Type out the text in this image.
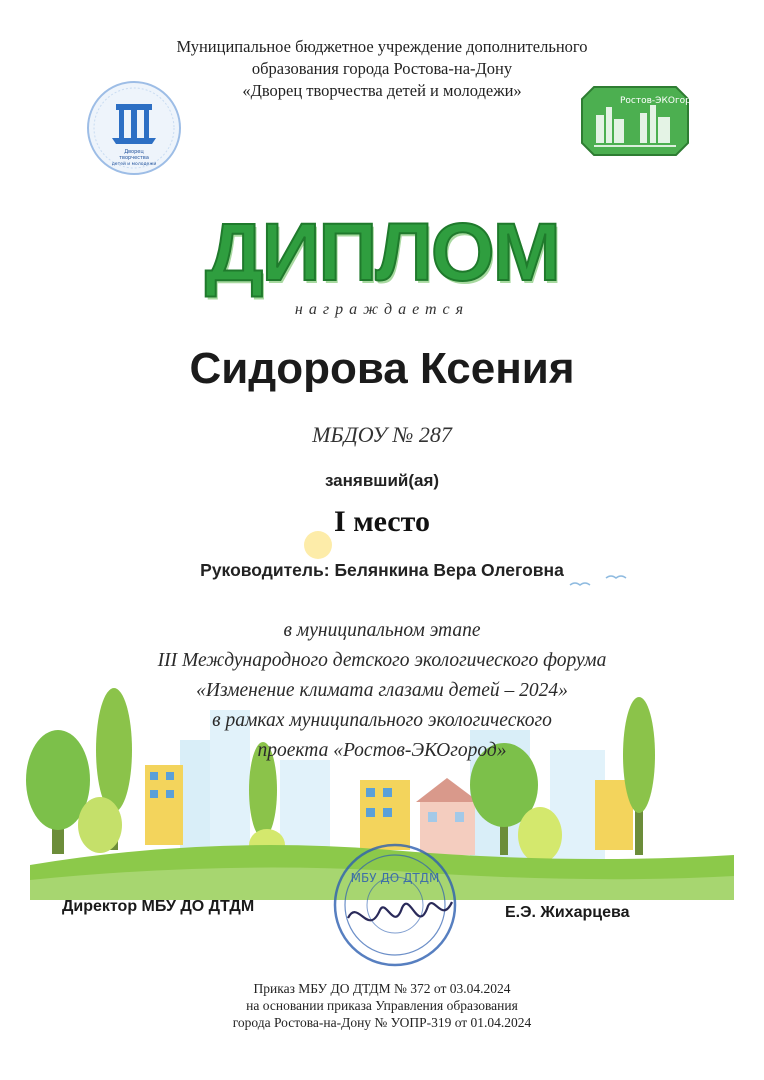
Муниципальное бюджетное учреждение дополнительного
образования города Ростова-на-Дону
«Дворец творчества детей и молодежи»
Дворец
творчества
детей и молодежи
Ростов-ЭКОгород
ДИПЛОМ
награждается
Сидорова Ксения
МБДОУ № 287
занявший(ая)
I место
Руководитель: Белянкина Вера Олеговна
в муниципальном этапе
III Международного детского экологического форума
«Изменение климата глазами детей – 2024»
в рамках муниципального экологического
проекта «Ростов-ЭКОгород»
Директор МБУ ДО ДТДМ	Е.Э. Жихарцева
МБУ ДО ДТДМ
Приказ МБУ ДО ДТДМ № 372 от 03.04.2024
на основании приказа Управления образования
города Ростова-на-Дону № УОПР-319 от 01.04.2024
